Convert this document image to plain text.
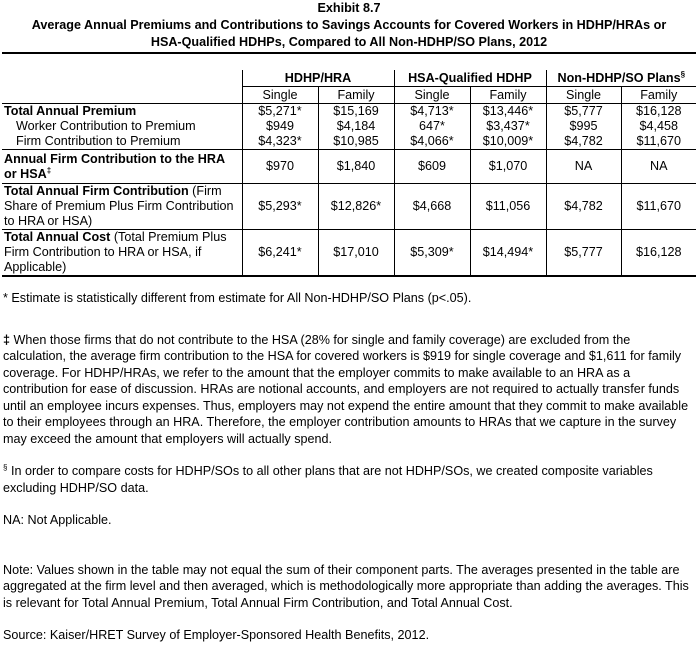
Exhibit 8.7

Average Annual Premiums and Contributions to Savings Accounts for Covered Workers in HDHP/HRAs or

HSA-Qualified HDHPs, Compared to All Non-HDHP/SO Plans, 2012

	HDHP/HRA		HSA-Qualified HDHP		Non-HDHP/SO Plans§
	Single	Family	Single	Family	Single	Family
Total Annual Premium	$5,271*	$15,169	$4,713*	$13,446*	$5,777	$16,128
Worker Contribution to Premium	$949	$4,184	647*	$3,437*	$995	$4,458
Firm Contribution to Premium	$4,323*	$10,985	$4,066*	$10,009*	$4,782	$11,670
Annual Firm Contribution to the HRA or HSA‡	$970	$1,840	$609	$1,070	NA	NA
Total Annual Firm Contribution (Firm Share of Premium Plus Firm Contribution to HRA or HSA)	$5,293*	$12,826*	$4,668	$11,056	$4,782	$11,670
Total Annual Cost (Total Premium Plus Firm Contribution to HRA or HSA, if Applicable)	$6,241*	$17,010	$5,309*	$14,494*	$5,777	$16,128

* Estimate is statistically different from estimate for All Non-HDHP/SO Plans (p<.05).

‡ When those firms that do not contribute to the HSA (28% for single and family coverage) are excluded from the calculation, the average firm contribution to the HSA for covered workers is $919 for single coverage and $1,611 for family coverage. For HDHP/HRAs, we refer to the amount that the employer commits to make available to an HRA as a contribution for ease of discussion. HRAs are notional accounts, and employers are not required to actually transfer funds until an employee incurs expenses. Thus, employers may not expend the entire amount that they commit to make available to their employees through an HRA. Therefore, the employer contribution amounts to HRAs that we capture in the survey may exceed the amount that employers will actually spend.

§ In order to compare costs for HDHP/SOs to all other plans that are not HDHP/SOs, we created composite variables excluding HDHP/SO data.

NA: Not Applicable.

Note: Values shown in the table may not equal the sum of their component parts. The averages presented in the table are aggregated at the firm level and then averaged, which is methodologically more appropriate than adding the averages. This is relevant for Total Annual Premium, Total Annual Firm Contribution, and Total Annual Cost.

Source: Kaiser/HRET Survey of Employer-Sponsored Health Benefits, 2012.
